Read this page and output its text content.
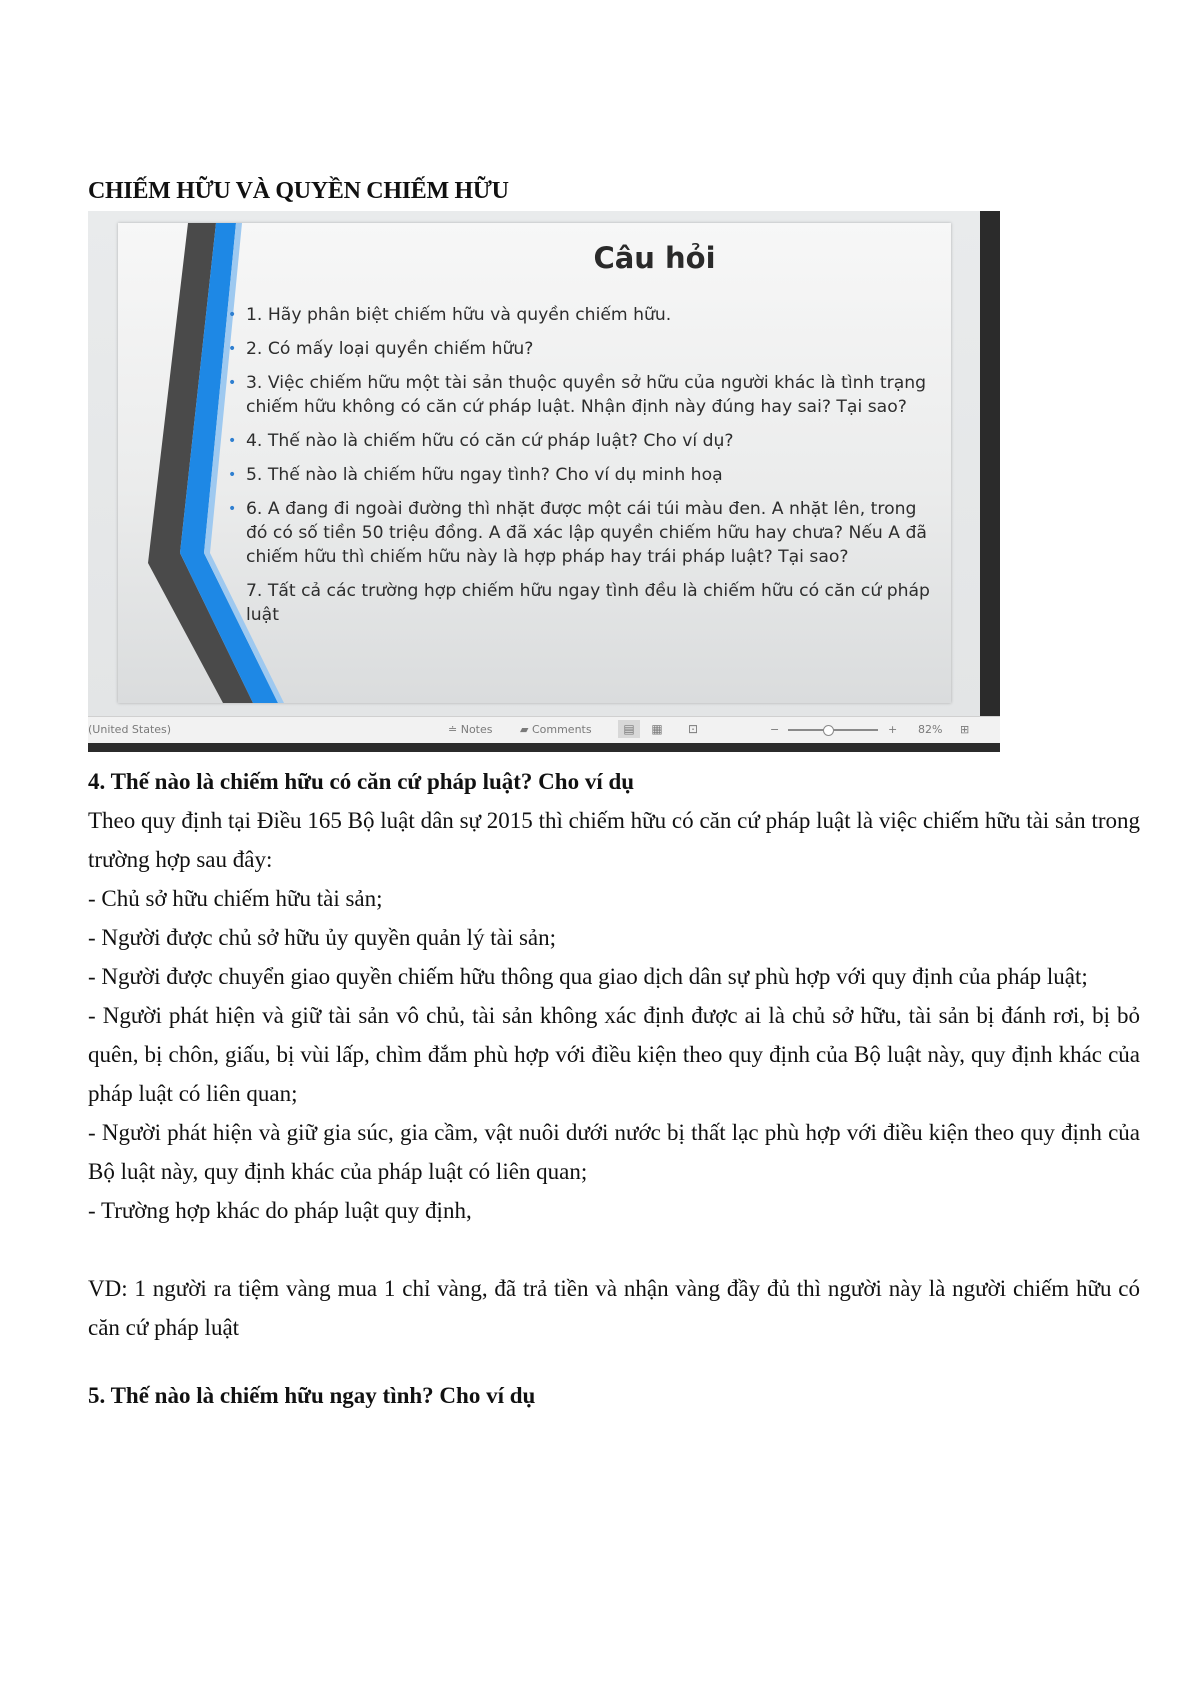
CHIẾM HỮU VÀ QUYỀN CHIẾM HỮU
Câu hỏi
• 1. Hãy phân biệt chiếm hữu và quyền chiếm hữu.
• 2. Có mấy loại quyền chiếm hữu?
• 3. Việc chiếm hữu một tài sản thuộc quyền sở hữu của người khác là tình trạng chiếm hữu không có căn cứ pháp luật. Nhận định này đúng hay sai? Tại sao?
• 4. Thế nào là chiếm hữu có căn cứ pháp luật? Cho ví dụ?
• 5. Thế nào là chiếm hữu ngay tình? Cho ví dụ minh hoạ
• 6. A đang đi ngoài đường thì nhặt được một cái túi màu đen. A nhặt lên, trong đó có số tiền 50 triệu đồng. A đã xác lập quyền chiếm hữu hay chưa? Nếu A đã chiếm hữu thì chiếm hữu này là hợp pháp hay trái pháp luật? Tại sao?
7. Tất cả các trường hợp chiếm hữu ngay tình đều là chiếm hữu có căn cứ pháp luật
(United States)	≐ Notes	▰ Comments	▤	▦	⊡	−	+ 82% ⊞

4. Thế nào là chiếm hữu có căn cứ pháp luật? Cho ví dụ

Theo quy định tại Điều 165 Bộ luật dân sự 2015 thì chiếm hữu có căn cứ pháp luật là việc chiếm hữu tài sản trong trường hợp sau đây:

- Chủ sở hữu chiếm hữu tài sản;

- Người được chủ sở hữu ủy quyền quản lý tài sản;

- Người được chuyển giao quyền chiếm hữu thông qua giao dịch dân sự phù hợp với quy định của pháp luật;

- Người phát hiện và giữ tài sản vô chủ, tài sản không xác định được ai là chủ sở hữu, tài sản bị đánh rơi, bị bỏ quên, bị chôn, giấu, bị vùi lấp, chìm đắm phù hợp với điều kiện theo quy định của Bộ luật này, quy định khác của pháp luật có liên quan;

- Người phát hiện và giữ gia súc, gia cầm, vật nuôi dưới nước bị thất lạc phù hợp với điều kiện theo quy định của Bộ luật này, quy định khác của pháp luật có liên quan;

- Trường hợp khác do pháp luật quy định,

VD: 1 người ra tiệm vàng mua 1 chỉ vàng, đã trả tiền và nhận vàng đầy đủ thì người này là người chiếm hữu có căn cứ pháp luật

5. Thế nào là chiếm hữu ngay tình? Cho ví dụ
